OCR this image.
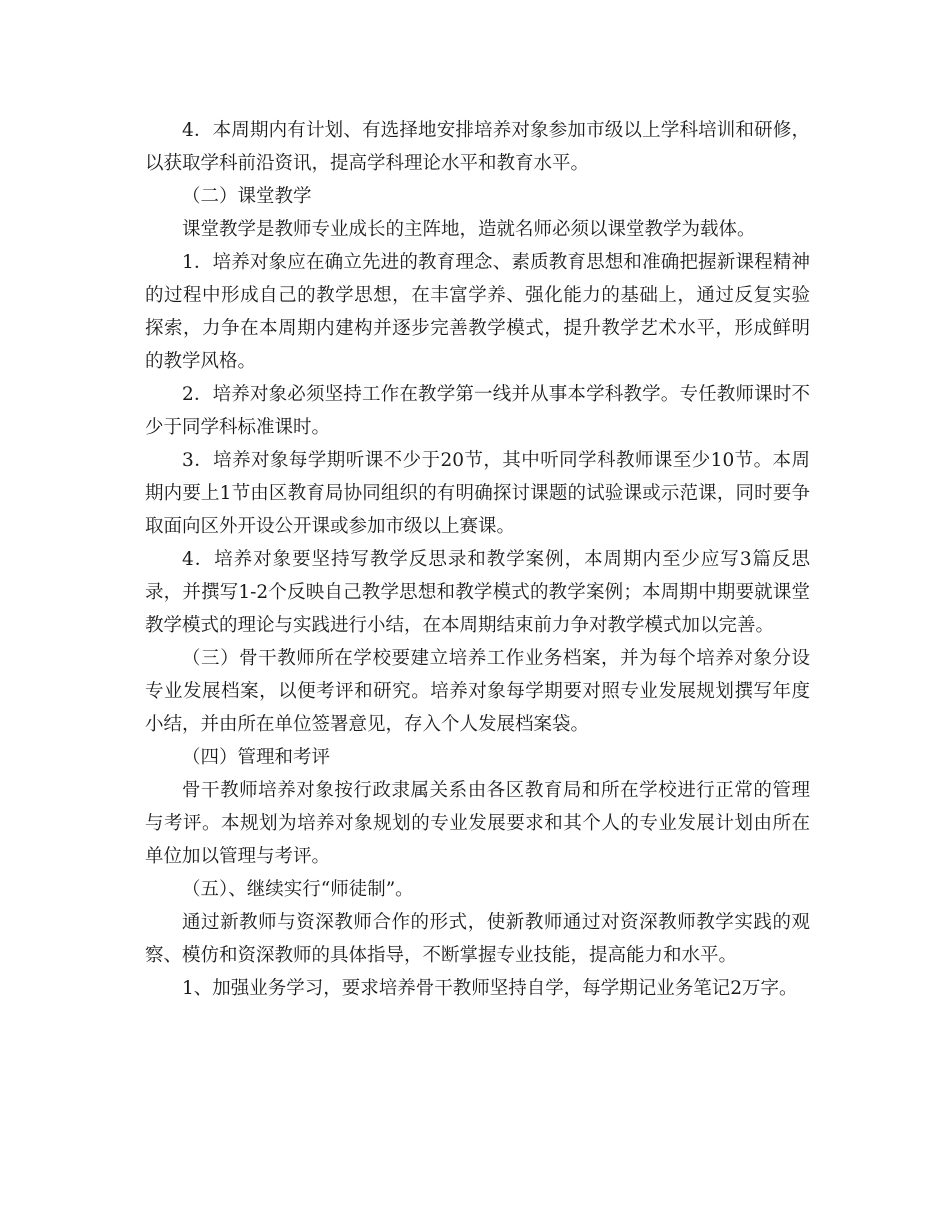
4．本周期内有计划、有选择地安排培养对象参加市级以上学科培训和研修，以获取学科前沿资讯，提高学科理论水平和教育水平。

（二）课堂教学

课堂教学是教师专业成长的主阵地，造就名师必须以课堂教学为载体。

1．培养对象应在确立先进的教育理念、素质教育思想和准确把握新课程精神的过程中形成自己的教学思想，在丰富学养、强化能力的基础上，通过反复实验探索，力争在本周期内建构并逐步完善教学模式，提升教学艺术水平，形成鲜明的教学风格。

2．培养对象必须坚持工作在教学第一线并从事本学科教学。专任教师课时不少于同学科标准课时。

3．培养对象每学期听课不少于20节，其中听同学科教师课至少10节。本周期内要上1节由区教育局协同组织的有明确探讨课题的试验课或示范课，同时要争取面向区外开设公开课或参加市级以上赛课。

4．培养对象要坚持写教学反思录和教学案例，本周期内至少应写3篇反思录，并撰写1-2个反映自己教学思想和教学模式的教学案例；本周期中期要就课堂教学模式的理论与实践进行小结，在本周期结束前力争对教学模式加以完善。

（三）骨干教师所在学校要建立培养工作业务档案，并为每个培养对象分设专业发展档案，以便考评和研究。培养对象每学期要对照专业发展规划撰写年度小结，并由所在单位签署意见，存入个人发展档案袋。

（四）管理和考评

骨干教师培养对象按行政隶属关系由各区教育局和所在学校进行正常的管理与考评。本规划为培养对象规划的专业发展要求和其个人的专业发展计划由所在单位加以管理与考评。

（五）、继续实行“师徒制”。

通过新教师与资深教师合作的形式，使新教师通过对资深教师教学实践的观察、模仿和资深教师的具体指导，不断掌握专业技能，提高能力和水平。

1、加强业务学习，要求培养骨干教师坚持自学，每学期记业务笔记2万字。
